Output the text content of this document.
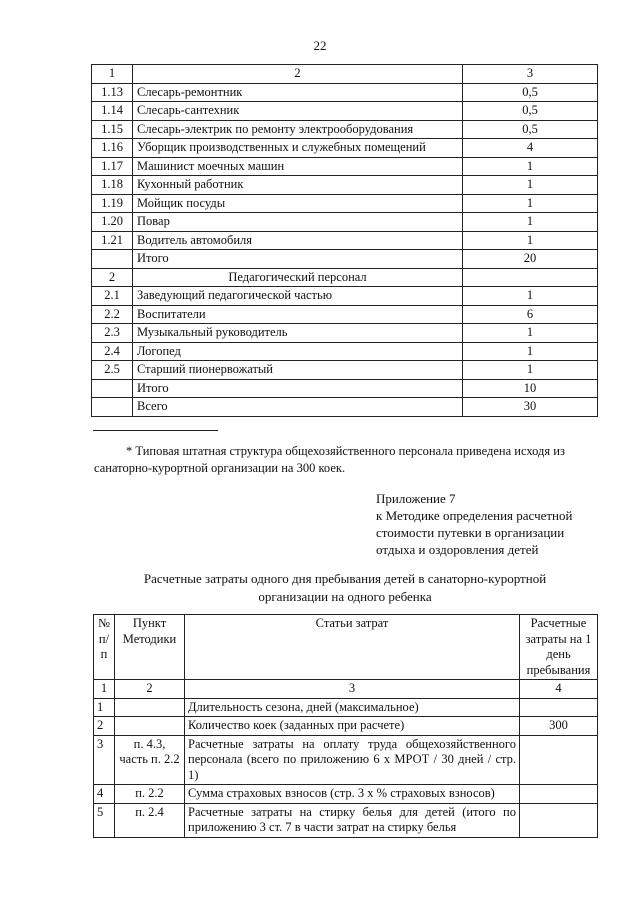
22
1	2	3
1.13	Слесарь-ремонтник	0,5
1.14	Слесарь-сантехник	0,5
1.15	Слесарь-электрик по ремонту электрооборудования	0,5
1.16	Уборщик производственных и служебных помещений	4
1.17	Машинист моечных машин	1
1.18	Кухонный работник	1
1.19	Мойщик посуды	1
1.20	Повар	1
1.21	Водитель автомобиля	1
	Итого	20
2	Педагогический персонал	
2.1	Заведующий педагогической частью	1
2.2	Воспитатели	6
2.3	Музыкальный руководитель	1
2.4	Логопед	1
2.5	Старший пионервожатый	1
	Итого	10
	Всего	30
* Типовая штатная структура общехозяйственного персонала приведена исходя из
санаторно-курортной организации на 300 коек.
Приложение 7
к Методике определения расчетной
стоимости путевки в организации
отдыха и оздоровления детей
Расчетные затраты одного дня пребывания детей в санаторно-курортной
организации на одного ребенка
№ п/п	Пункт Методики	Статьи затрат	Расчетные затраты на 1 день пребывания
1	2	3	4
1		Длительность сезона, дней (максимальное)	
2		Количество коек (заданных при расчете)	300
3	п. 4.3, часть п. 2.2	Расчетные затраты на оплату труда общехозяйственного персонала (всего по приложению 6 x МРОТ / 30 дней / стр. 1)	
4	п. 2.2	Сумма страховых взносов (стр. 3 x % страховых взносов)	
5	п. 2.4	Расчетные затраты на стирку белья для детей (итого по приложению 3 ст. 7 в части затрат на стирку белья	
